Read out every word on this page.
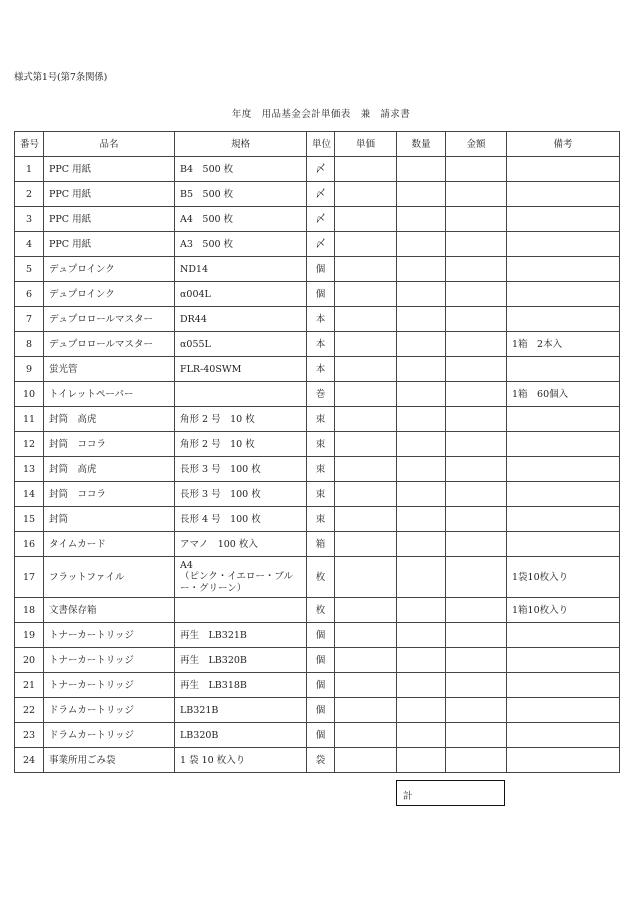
様式第1号(第7条関係)
年度　用品基金会計単価表　兼　請求書
番号	品名	規格	単位	単価	数量	金額	備考
1	PPC 用紙	B4　500 枚	〆				
2	PPC 用紙	B5　500 枚	〆				
3	PPC 用紙	A4　500 枚	〆				
4	PPC 用紙	A3　500 枚	〆				
5	デュプロインク	ND14	個				
6	デュプロインク	α004L	個				
7	デュプロロールマスター	DR44	本				
8	デュプロロールマスター	α055L	本				1箱　2本入
9	蛍光管	FLR-40SWM	本				
10	トイレットペーパー		巻				1箱　60個入
11	封筒　高虎	角形 2 号　10 枚	束				
12	封筒　ココラ	角形 2 号　10 枚	束				
13	封筒　高虎	長形 3 号　100 枚	束				
14	封筒　ココラ	長形 3 号　100 枚	束				
15	封筒	長形 4 号　100 枚	束				
16	タイムカード	アマノ　100 枚入	箱				
17	フラットファイル	A4
（ピンク・イエロー・ブルー・グリーン）	枚				1袋10枚入り
18	文書保存箱		枚				1箱10枚入り
19	トナーカートリッジ	再生　LB321B	個				
20	トナーカートリッジ	再生　LB320B	個				
21	トナーカートリッジ	再生　LB318B	個				
22	ドラムカートリッジ	LB321B	個				
23	ドラムカートリッジ	LB320B	個				
24	事業所用ごみ袋	1 袋 10 枚入り	袋				
計
